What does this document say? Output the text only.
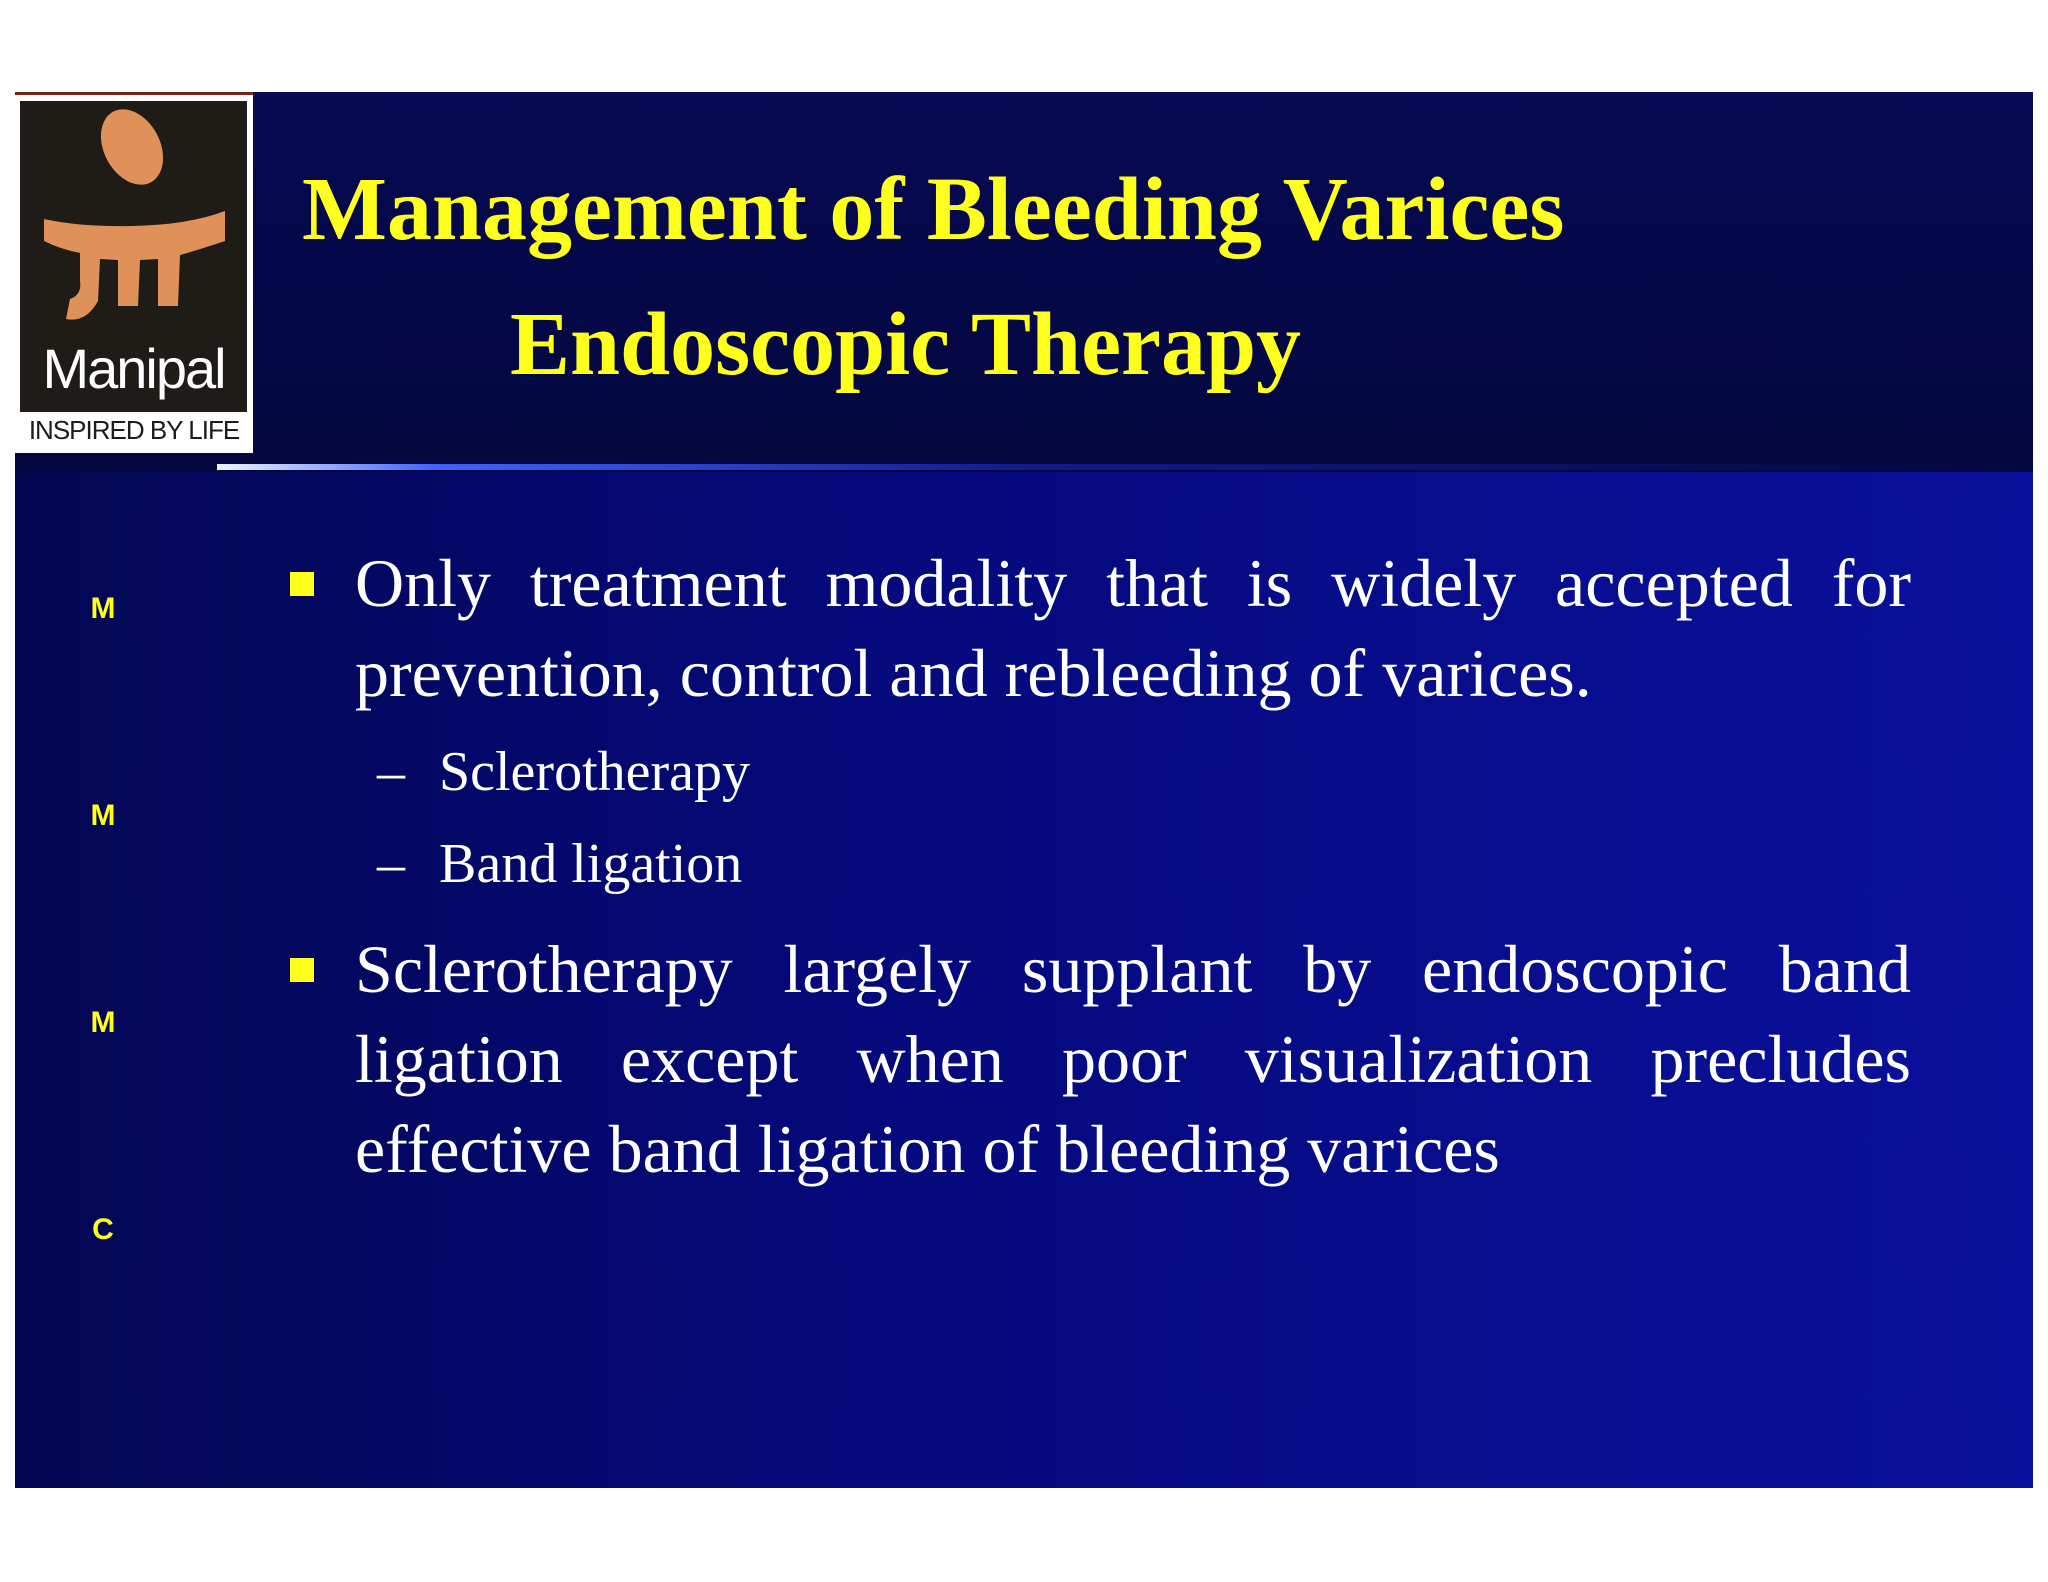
Manipal
INSPIRED BY LIFE
Management of Bleeding Varices
Endoscopic Therapy
M
M
M
C
Only treatment modality that is widely accepted for prevention, control and rebleeding of varices.
– Sclerotherapy
– Band ligation
Sclerotherapy largely supplant by endoscopic band ligation except when poor visualization precludes effective band ligation of bleeding varices
